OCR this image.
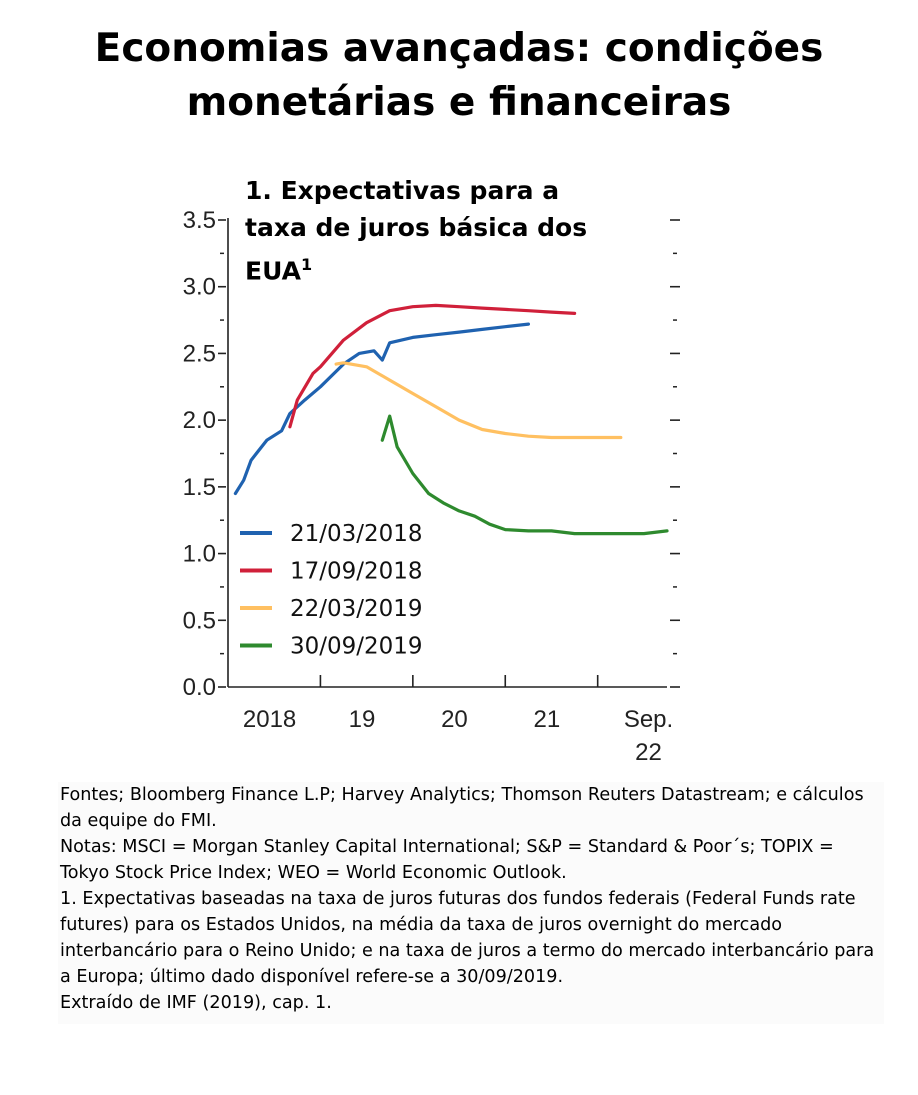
Economias avançadas: condições
monetárias e financeiras
0.0
0.5
1.0
1.5
2.0
2.5
3.0
3.5
2018 19	20	21	Sep. 22
21/03/2018
17/09/2018
22/03/2019
30/09/2019
1. Expectativas para a taxa de juros básica dos EUA$^1$
Fontes; Bloomberg Finance L.P; Harvey Analytics; Thomson Reuters Datastream; e cálculos da equipe do FMI.
Notas: MSCI = Morgan Stanley Capital International; S&P = Standard & Poor´s; TOPIX = Tokyo Stock Price Index; WEO = World Economic Outlook.
1. Expectativas baseadas na taxa de juros futuras dos fundos federais (Federal Funds rate futures) para os Estados Unidos, na média da taxa de juros overnight do mercado interbancário para o Reino Unido; e na taxa de juros a termo do mercado interbancário para a Europa; último dado disponível refere-se a 30/09/2019.
Extraído de IMF (2019), cap. 1.
